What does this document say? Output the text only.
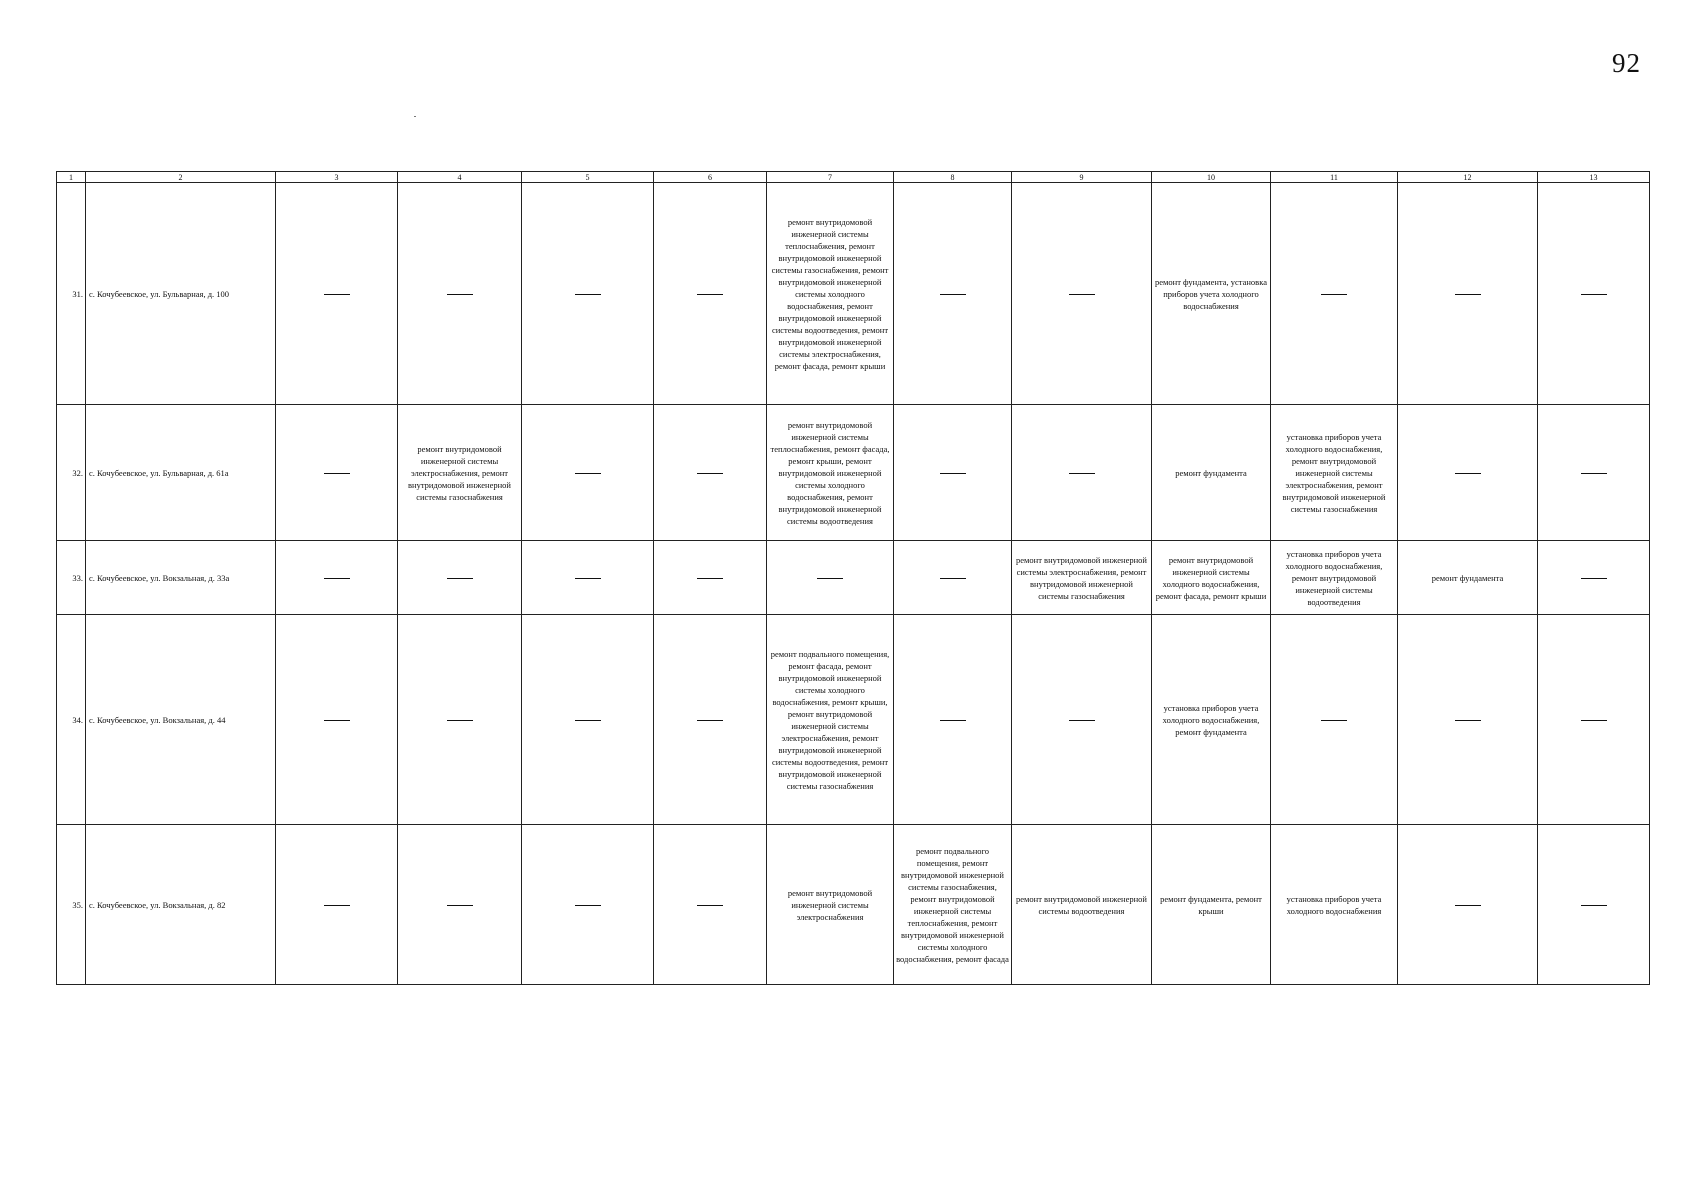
92
1	2	3	4	5	6	7	8	9	10	11	12	13
31.	с. Кочубеевское, ул. Бульварная, д. 100					ремонт внутридомовой инженерной системы теплоснабжения, ремонт внутридомовой инженерной системы газоснабжения, ремонт внутридомовой инженерной системы холодного водоснабжения, ремонт внутридомовой инженерной системы водоотведения, ремонт внутридомовой инженерной системы электроснабжения, ремонт фасада, ремонт крыши			ремонт фундамента, установка приборов учета холодного водоснабжения			
32.	с. Кочубеевское, ул. Бульварная, д. 61а		ремонт внутридомовой инженерной системы электроснабжения, ремонт внутридомовой инженерной системы газоснабжения			ремонт внутридомовой инженерной системы теплоснабжения, ремонт фасада, ремонт крыши, ремонт внутридомовой инженерной системы холодного водоснабжения, ремонт внутридомовой инженерной системы водоотведения			ремонт фундамента	установка приборов учета холодного водоснабжения, ремонт внутридомовой инженерной системы электроснабжения, ремонт внутридомовой инженерной системы газоснабжения		
33.	с. Кочубеевское, ул. Вокзальная, д. 33а							ремонт внутридомовой инженерной системы электроснабжения, ремонт внутридомовой инженерной системы газоснабжения	ремонт внутридомовой инженерной системы холодного водоснабжения, ремонт фасада, ремонт крыши	установка приборов учета холодного водоснабжения, ремонт внутридомовой инженерной системы водоотведения	ремонт фундамента	
34.	с. Кочубеевское, ул. Вокзальная, д. 44					ремонт подвального помещения, ремонт фасада, ремонт внутридомовой инженерной системы холодного водоснабжения, ремонт крыши, ремонт внутридомовой инженерной системы электроснабжения, ремонт внутридомовой инженерной системы водоотведения, ремонт внутридомовой инженерной системы газоснабжения			установка приборов учета холодного водоснабжения, ремонт фундамента			
35.	с. Кочубеевское, ул. Вокзальная, д. 82					ремонт внутридомовой инженерной системы электроснабжения	ремонт подвального помещения, ремонт внутридомовой инженерной системы газоснабжения, ремонт внутридомовой инженерной системы теплоснабжения, ремонт внутридомовой инженерной системы холодного водоснабжения, ремонт фасада	ремонт внутридомовой инженерной системы водоотведения	ремонт фундамента, ремонт крыши	установка приборов учета холодного водоснабжения		
